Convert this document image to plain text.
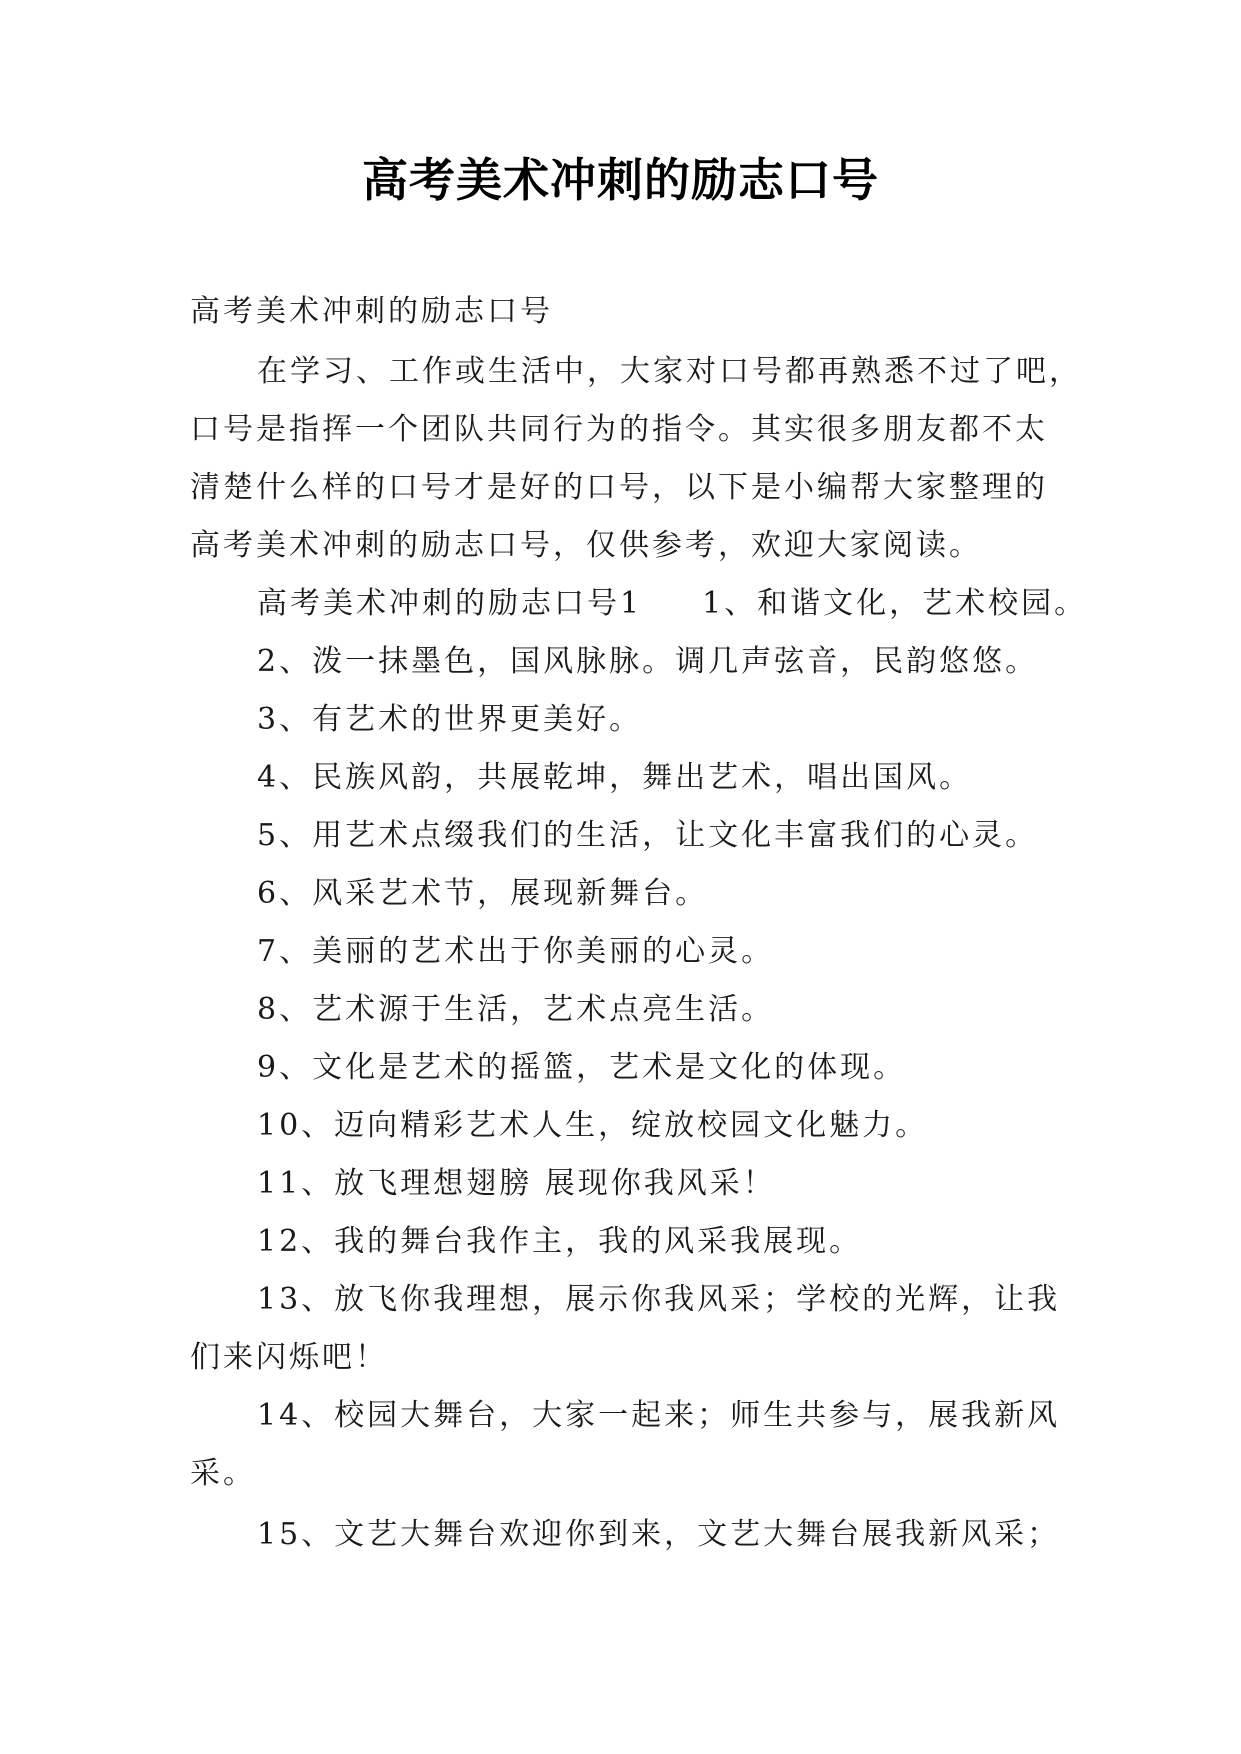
高考美术冲刺的励志口号
高考美术冲刺的励志口号
在学习、工作或生活中，大家对口号都再熟悉不过了吧，
口号是指挥一个团队共同行为的指令。其实很多朋友都不太
清楚什么样的口号才是好的口号，以下是小编帮大家整理的
高考美术冲刺的励志口号，仅供参考，欢迎大家阅读。
高考美术冲刺的励志口号1 1、和谐文化，艺术校园。
2、泼一抹墨色，国风脉脉。调几声弦音，民韵悠悠。
3、有艺术的世界更美好。
4、民族风韵，共展乾坤，舞出艺术，唱出国风。
5、用艺术点缀我们的生活，让文化丰富我们的心灵。
6、风采艺术节，展现新舞台。
7、美丽的艺术出于你美丽的心灵。
8、艺术源于生活，艺术点亮生活。
9、文化是艺术的摇篮，艺术是文化的体现。
10、迈向精彩艺术人生，绽放校园文化魅力。
11、放飞理想翅膀 展现你我风采！
12、我的舞台我作主，我的风采我展现。
13、放飞你我理想，展示你我风采；学校的光辉，让我
们来闪烁吧！
14、校园大舞台，大家一起来；师生共参与，展我新风
采。
15、文艺大舞台欢迎你到来，文艺大舞台展我新风采；
